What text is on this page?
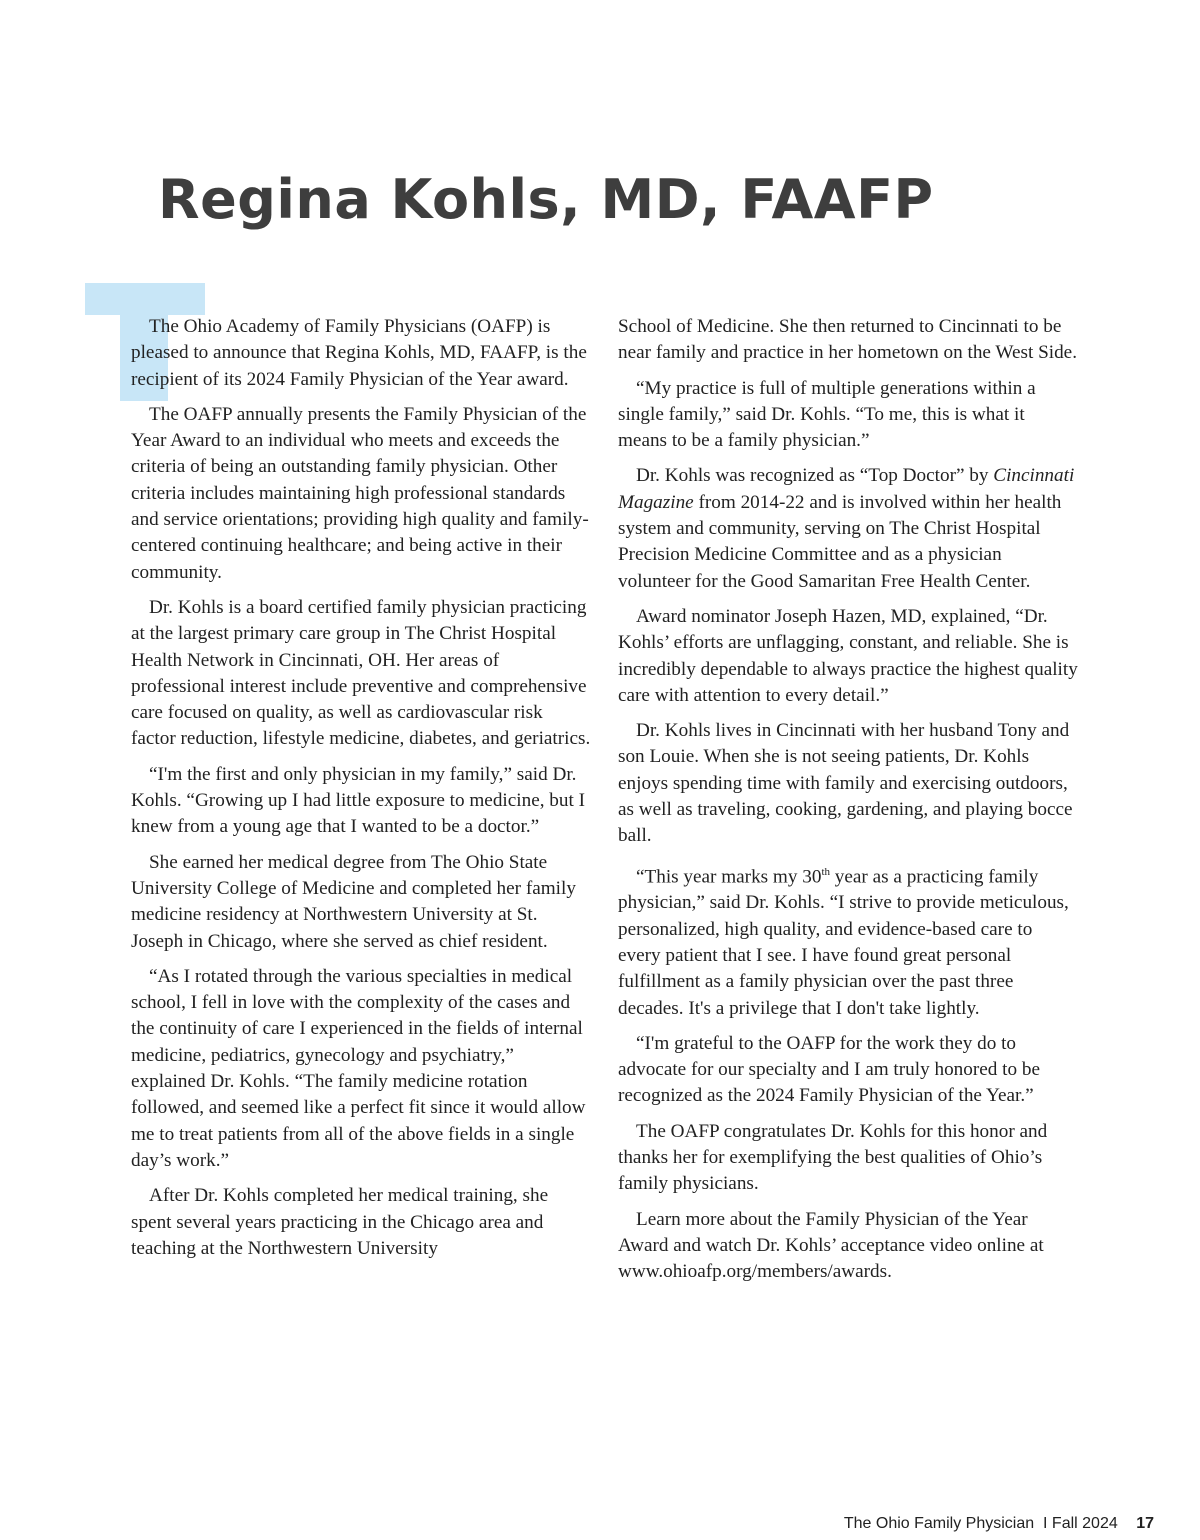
Regina Kohls, MD, FAAFP

The Ohio Academy of Family Physicians (OAFP) is pleased to announce that Regina Kohls, MD, FAAFP, is the recipient of its 2024 Family Physician of the Year award.

The OAFP annually presents the Family Physician of the Year Award to an individual who meets and exceeds the criteria of being an outstanding family physician. Other criteria includes maintaining high professional standards and service orientations; providing high quality and family-centered continuing healthcare; and being active in their community.

Dr. Kohls is a board certified family physician practicing at the largest primary care group in The Christ Hospital Health Network in Cincinnati, OH. Her areas of professional interest include preventive and comprehensive care focused on quality, as well as cardiovascular risk factor reduction, lifestyle medicine, diabetes, and geriatrics.

“I'm the first and only physician in my family,” said Dr. Kohls. “Growing up I had little exposure to medicine, but I knew from a young age that I wanted to be a doctor.”

She earned her medical degree from The Ohio State University College of Medicine and completed her family medicine residency at Northwestern University at St. Joseph in Chicago, where she served as chief resident.

“As I rotated through the various specialties in medical school, I fell in love with the complexity of the cases and the continuity of care I experienced in the fields of internal medicine, pediatrics, gynecology and psychiatry,” explained Dr. Kohls. “The family medicine rotation followed, and seemed like a perfect fit since it would allow me to treat patients from all of the above fields in a single day’s work.”

After Dr. Kohls completed her medical training, she spent several years practicing in the Chicago area and teaching at the Northwestern University

School of Medicine. She then returned to Cincinnati to be near family and practice in her hometown on the West Side.

“My practice is full of multiple generations within a single family,” said Dr. Kohls. “To me, this is what it means to be a family physician.”

Dr. Kohls was recognized as “Top Doctor” by Cincinnati Magazine from 2014-22 and is involved within her health system and community, serving on The Christ Hospital Precision Medicine Committee and as a physician volunteer for the Good Samaritan Free Health Center.

Award nominator Joseph Hazen, MD, explained, “Dr. Kohls’ efforts are unflagging, constant, and reliable. She is incredibly dependable to always practice the highest quality care with attention to every detail.”

Dr. Kohls lives in Cincinnati with her husband Tony and son Louie. When she is not seeing patients, Dr. Kohls enjoys spending time with family and exercising outdoors, as well as traveling, cooking, gardening, and playing bocce ball.

“This year marks my 30th year as a practicing family physician,” said Dr. Kohls. “I strive to provide meticulous, personalized, high quality, and evidence-based care to every patient that I see. I have found great personal fulfillment as a family physician over the past three decades. It's a privilege that I don't take lightly.

“I'm grateful to the OAFP for the work they do to advocate for our specialty and I am truly honored to be recognized as the 2024 Family Physician of the Year.”

The OAFP congratulates Dr. Kohls for this honor and thanks her for exemplifying the best qualities of Ohio’s family physicians.

Learn more about the Family Physician of the Year Award and watch Dr. Kohls’ acceptance video online at www.ohioafp.org/members/awards.

The Ohio Family Physician  I Fall 2024 17
